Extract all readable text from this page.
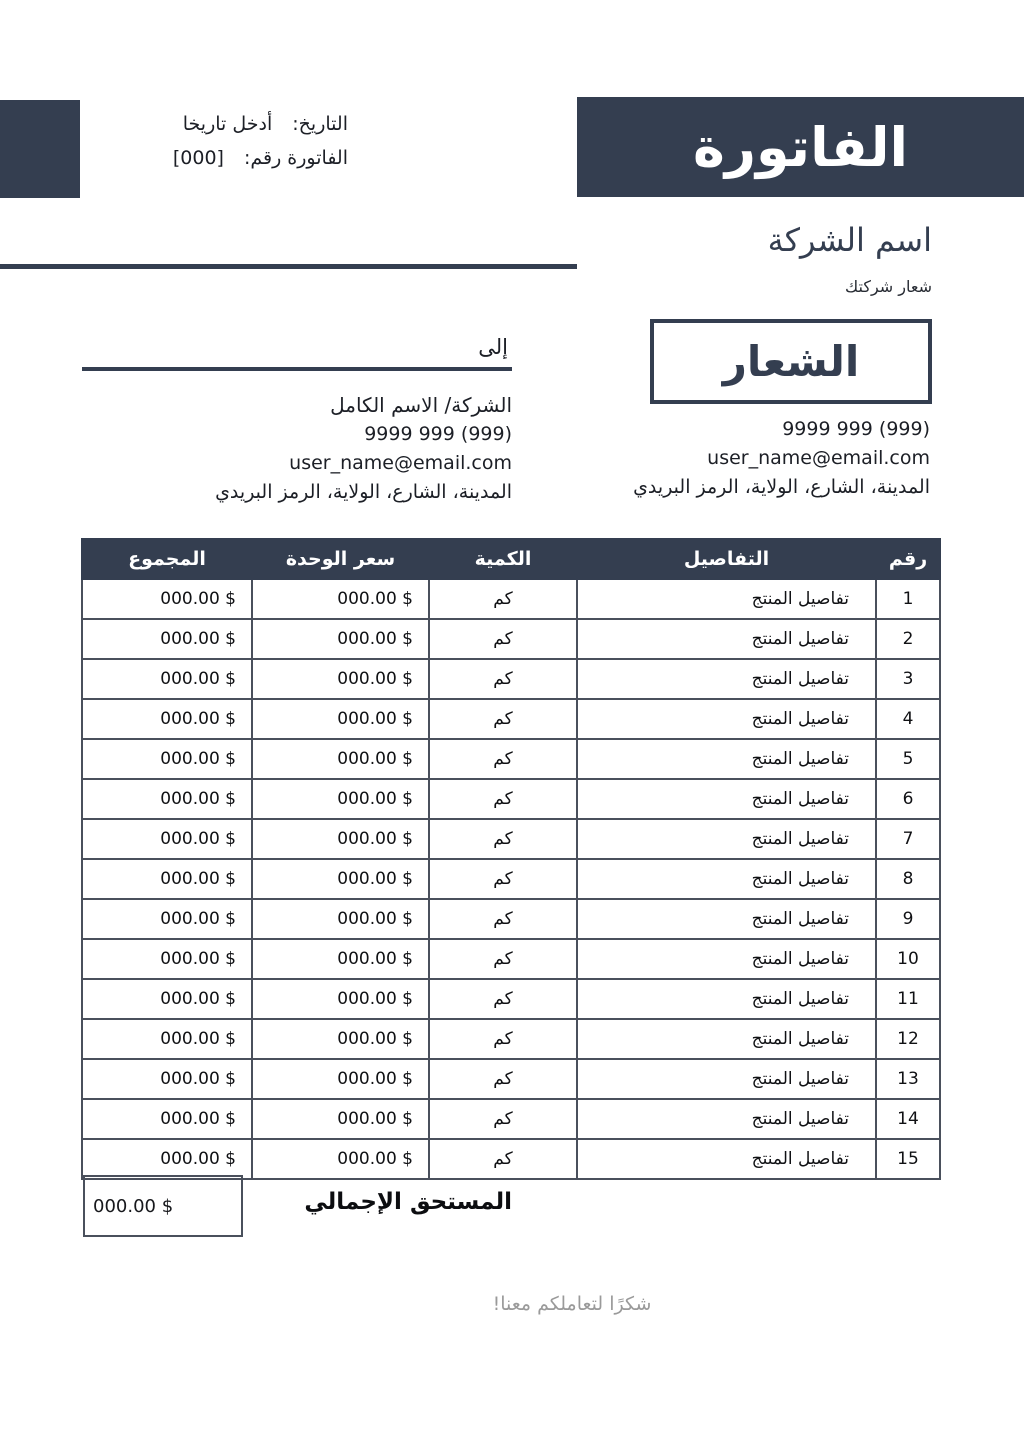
الفاتورة
التاريخ:أدخل تاريخا
الفاتورة رقم:[000]
اسم الشركة
شعار شركتك
الشعار
(999) 999 9999
user_name@email.com
المدينة، الشارع، الولاية، الرمز البريدي
إلى
الشركة/ الاسم الكامل
(999) 999 9999
user_name@email.com
المدينة، الشارع، الولاية، الرمز البريدي
رقم	التفاصيل	الكمية	سعر الوحدة	المجموع
1	تفاصيل المنتج	كم	$ 000.00	$ 000.00
2	تفاصيل المنتج	كم	$ 000.00	$ 000.00
3	تفاصيل المنتج	كم	$ 000.00	$ 000.00
4	تفاصيل المنتج	كم	$ 000.00	$ 000.00
5	تفاصيل المنتج	كم	$ 000.00	$ 000.00
6	تفاصيل المنتج	كم	$ 000.00	$ 000.00
7	تفاصيل المنتج	كم	$ 000.00	$ 000.00
8	تفاصيل المنتج	كم	$ 000.00	$ 000.00
9	تفاصيل المنتج	كم	$ 000.00	$ 000.00
10	تفاصيل المنتج	كم	$ 000.00	$ 000.00
11	تفاصيل المنتج	كم	$ 000.00	$ 000.00
12	تفاصيل المنتج	كم	$ 000.00	$ 000.00
13	تفاصيل المنتج	كم	$ 000.00	$ 000.00
14	تفاصيل المنتج	كم	$ 000.00	$ 000.00
15	تفاصيل المنتج	كم	$ 000.00	$ 000.00
$ 000.00	المستحق الإجمالي
شكرًا لتعاملكم معنا!
